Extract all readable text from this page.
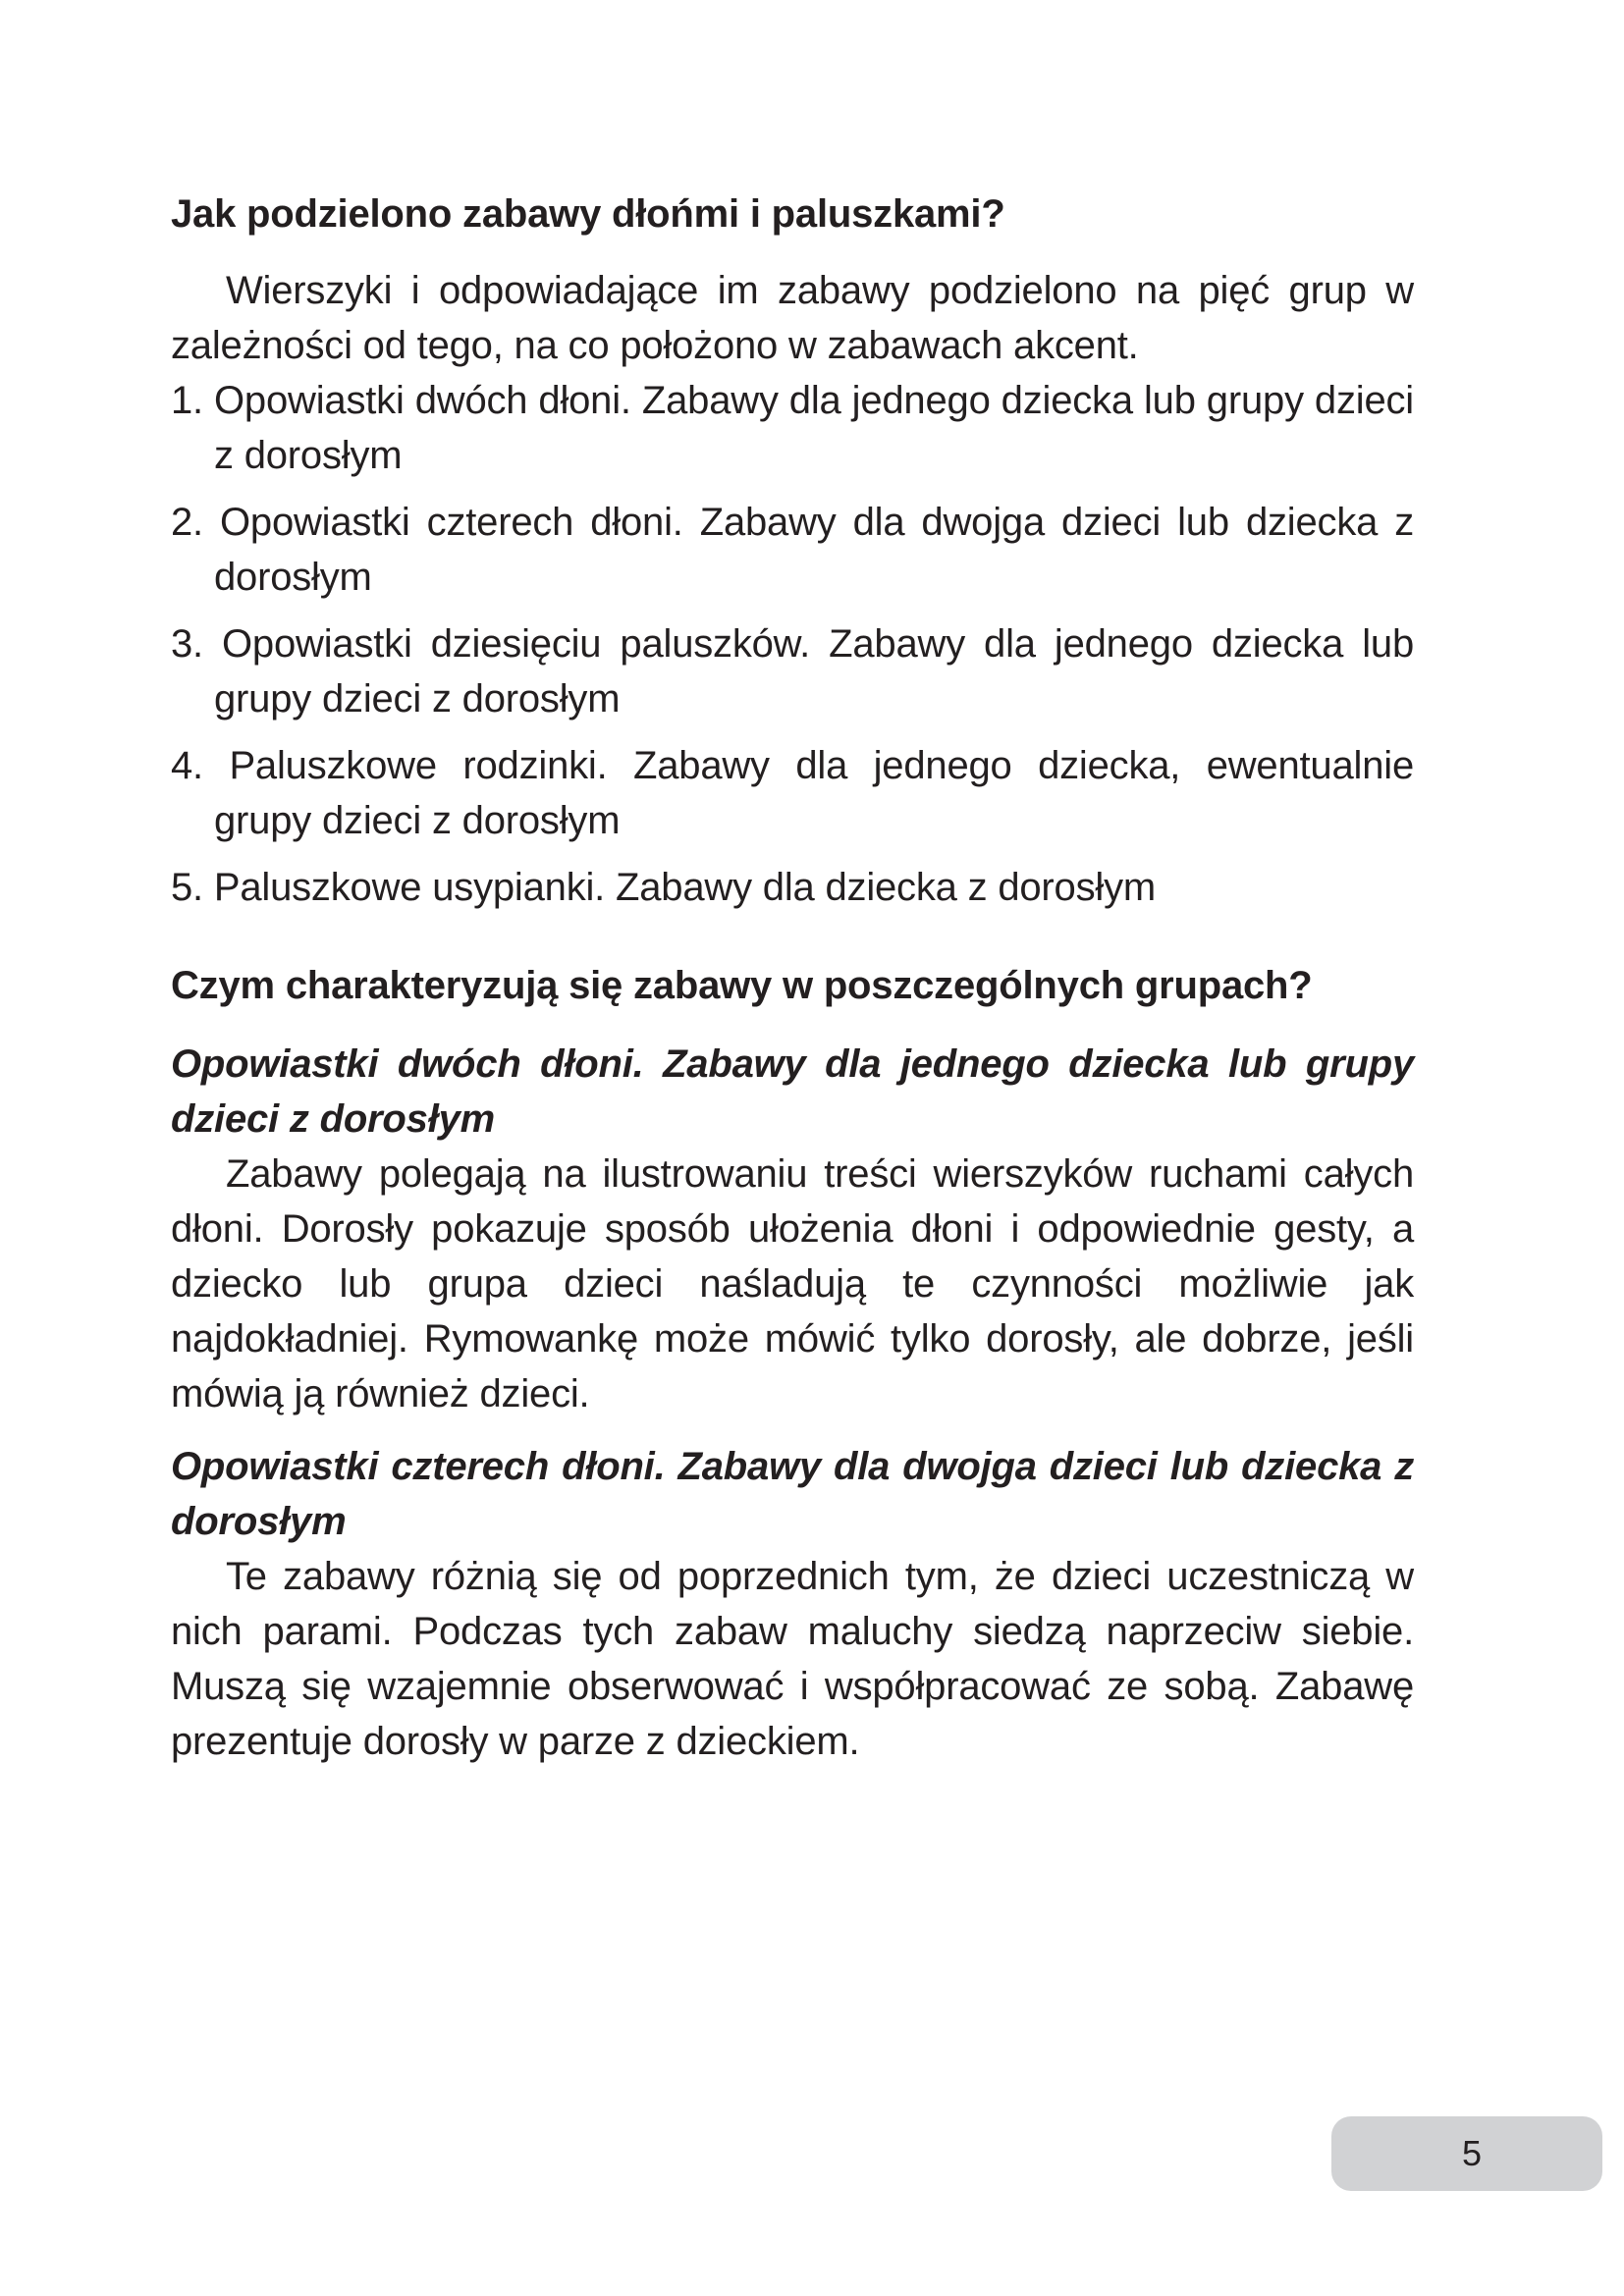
Jak podzielono zabawy dłońmi i paluszkami?

Wierszyki i odpowiadające im zabawy podzielono na pięć grup w zależności od tego, na co położono w zabawach akcent.

1. Opowiastki dwóch dłoni. Zabawy dla jednego dziecka lub grupy dzieci z dorosłym
2. Opowiastki czterech dłoni. Zabawy dla dwojga dzieci lub dziecka z dorosłym
3. Opowiastki dziesięciu paluszków. Zabawy dla jednego dziecka lub grupy dzieci z dorosłym
4. Paluszkowe rodzinki. Zabawy dla jednego dziecka, ewentualnie grupy dzieci z dorosłym
5. Paluszkowe usypianki. Zabawy dla dziecka z dorosłym
Czym charakteryzują się zabawy w poszczególnych grupach?

Opowiastki dwóch dłoni. Zabawy dla jednego dziecka lub grupy dzieci z dorosłym

Zabawy polegają na ilustrowaniu treści wierszyków ruchami całych dłoni. Dorosły pokazuje sposób ułożenia dłoni i odpowiednie gesty, a dziecko lub grupa dzieci naśladują te czynności możliwie jak najdokładniej. Rymowankę może mówić tylko dorosły, ale dobrze, jeśli mówią ją również dzieci.

Opowiastki czterech dłoni. Zabawy dla dwojga dzieci lub dziecka z dorosłym

Te zabawy różnią się od poprzednich tym, że dzieci uczestniczą w nich parami. Podczas tych zabaw maluchy siedzą naprzeciw siebie. Muszą się wzajemnie obserwować i współpracować ze sobą. Zabawę prezentuje dorosły w parze z dzieckiem.

5
